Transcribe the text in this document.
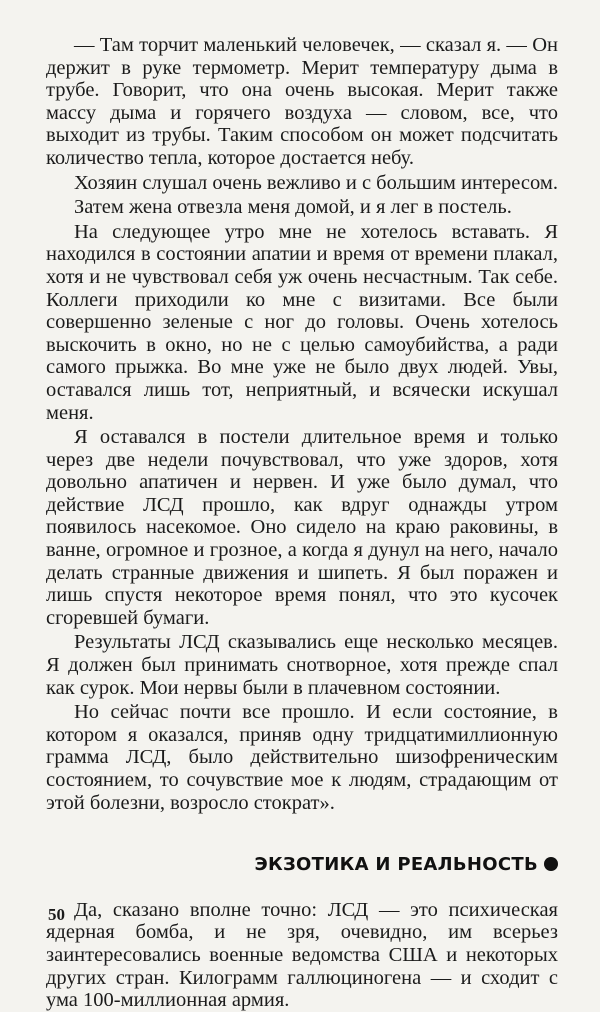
— Там торчит маленький человечек, — сказал я. — Он держит в руке термометр. Мерит температуру дыма в трубе. Говорит, что она очень высокая. Мерит также массу дыма и горячего воздуха — словом, все, что выходит из трубы. Таким способом он может подсчитать количество тепла, которое достается небу.

Хозяин слушал очень вежливо и с большим интересом.

Затем жена отвезла меня домой, и я лег в постель.

На следующее утро мне не хотелось вставать. Я находился в состоянии апатии и время от времени плакал, хотя и не чувствовал себя уж очень несчастным. Так себе. Коллеги приходили ко мне с визитами. Все были совершенно зеленые с ног до головы. Очень хотелось выскочить в окно, но не с целью самоубийства, а ради самого прыжка. Во мне уже не было двух людей. Увы, оставался лишь тот, неприятный, и всячески искушал меня.

Я оставался в постели длительное время и только через две недели почувствовал, что уже здоров, хотя довольно апатичен и нервен. И уже было думал, что действие ЛСД прошло, как вдруг однажды утром появилось насекомое. Оно сидело на краю раковины, в ванне, огромное и грозное, а когда я дунул на него, начало делать странные движения и шипеть. Я был поражен и лишь спустя некоторое время понял, что это кусочек сгоревшей бумаги.

Результаты ЛСД сказывались еще несколько месяцев. Я должен был принимать снотворное, хотя прежде спал как сурок. Мои нервы были в плачевном состоянии.

Но сейчас почти все прошло. И если состояние, в котором я оказался, приняв одну тридцатимиллионную грамма ЛСД, было действительно шизофреническим состоянием, то сочувствие мое к людям, страдающим от этой болезни, возросло стократ».

ЭКЗОТИКА И РЕАЛЬНОСТЬ

Да, сказано вполне точно: ЛСД — это психическая ядерная бомба, и не зря, очевидно, им всерьез заинтересовались военные ведомства США и некоторых других стран. Килограмм галлюциногена — и сходит с ума 100-миллионная армия.

50
